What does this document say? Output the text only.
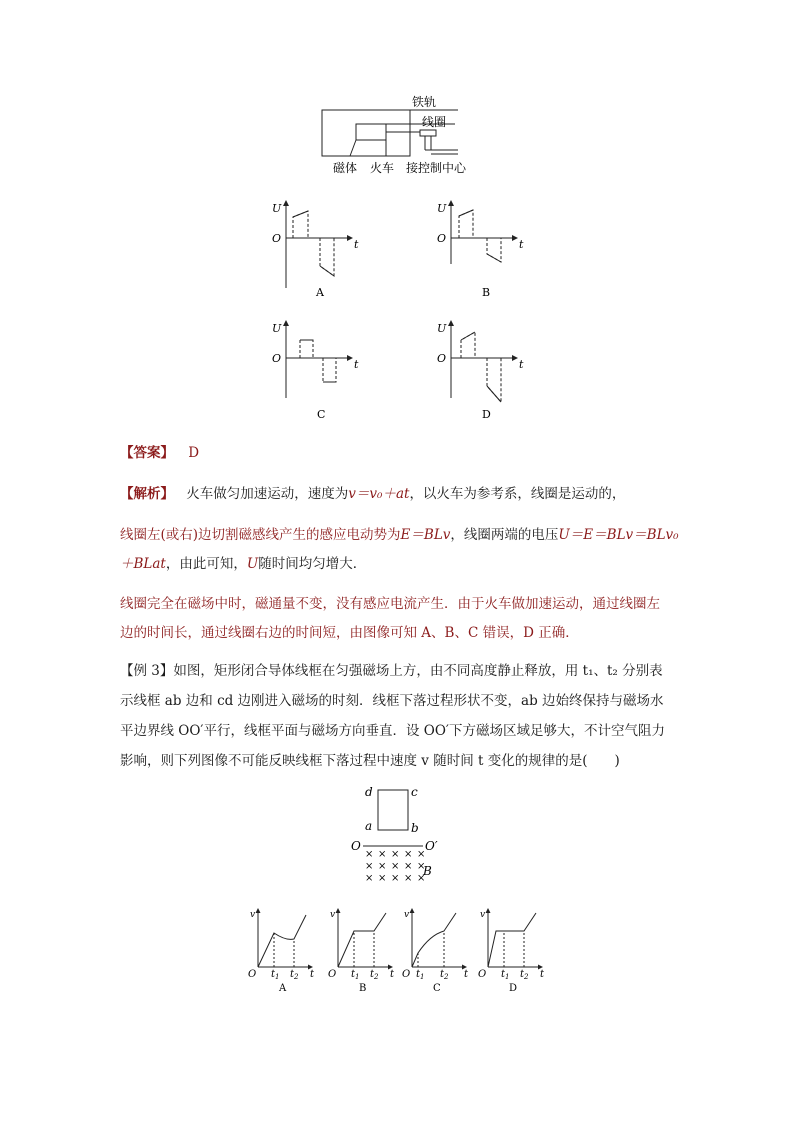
铁轨
线圈
磁体 火车 接控制中心
U
O	t
A
U
O	t
B
U
O	t
C
U
O	t
D
【答案】 D
【解析】 火车做匀加速运动，速度为v＝v₀＋at，以火车为参考系，线圈是运动的，
线圈左(或右)边切割磁感线产生的感应电动势为E＝BLv，线圈两端的电压U＝E＝BLv＝BLv₀
＋BLat，由此可知，U随时间均匀增大．
线圈完全在磁场中时，磁通量不变，没有感应电流产生．由于火车做加速运动，通过线圈左
边的时间长，通过线圈右边的时间短，由图像可知 A、B、C 错误，D 正确．
【例 3】如图，矩形闭合导体线框在匀强磁场上方，由不同高度静止释放，用 t₁、t₂ 分别表
示线框 ab 边和 cd 边刚进入磁场的时刻．线框下落过程形状不变，ab 边始终保持与磁场水
平边界线 OO′平行，线框平面与磁场方向垂直．设 OO′下方磁场区域足够大，不计空气阻力
影响，则下列图像不可能反映线框下落过程中速度 v 随时间 t 变化的规律的是(　　)
d	c
a	b
O	O′
× × × × ×
× × × × ×
× × × × ×
B
v
O	t
$t_1$ $t_2$
A
v
O	t
$t_1$ $t_2$
B
v
O	t
$t_1$ $t_2$
C
v
O	t
$t_1$ $t_2$
D
